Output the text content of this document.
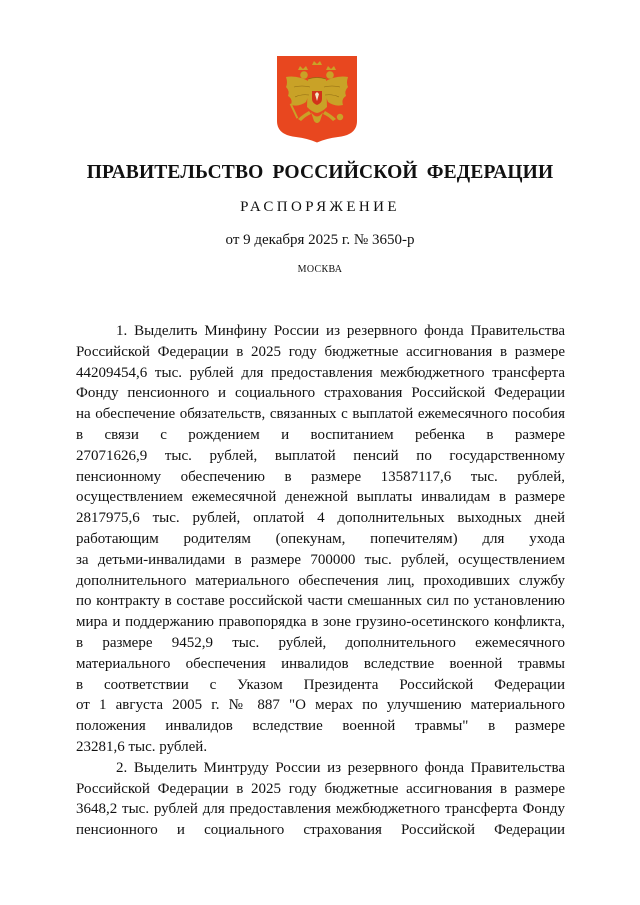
ПРАВИТЕЛЬСТВО РОССИЙСКОЙ ФЕДЕРАЦИИ
РАСПОРЯЖЕНИЕ
от 9 декабря 2025 г. № 3650-р
МОСКВА
1. Выделить Минфину России из резервного фонда Правительства
Российской Федерации в 2025 году бюджетные ассигнования в размере
44209454,6 тыс. рублей для предоставления межбюджетного трансферта
Фонду пенсионного и социального страхования Российской Федерации
на обеспечение обязательств, связанных с выплатой ежемесячного пособия
в связи с рождением и воспитанием ребенка в размере
27071626,9 тыс. рублей, выплатой пенсий по государственному
пенсионному обеспечению в размере 13587117,6 тыс. рублей,
осуществлением ежемесячной денежной выплаты инвалидам в размере
2817975,6 тыс. рублей, оплатой 4 дополнительных выходных дней
работающим родителям (опекунам, попечителям) для ухода
за детьми-инвалидами в размере 700000 тыс. рублей, осуществлением
дополнительного материального обеспечения лиц, проходивших службу
по контракту в составе российской части смешанных сил по установлению
мира и поддержанию правопорядка в зоне грузино-осетинского конфликта,
в размере 9452,9 тыс. рублей, дополнительного ежемесячного
материального обеспечения инвалидов вследствие военной травмы
в соответствии с Указом Президента Российской Федерации
от 1 августа 2005 г. № 887 "О мерах по улучшению материального
положения инвалидов вследствие военной травмы" в размере
23281,6 тыс. рублей.
2. Выделить Минтруду России из резервного фонда Правительства
Российской Федерации в 2025 году бюджетные ассигнования в размере
3648,2 тыс. рублей для предоставления межбюджетного трансферта Фонду
пенсионного и социального страхования Российской Федерации
